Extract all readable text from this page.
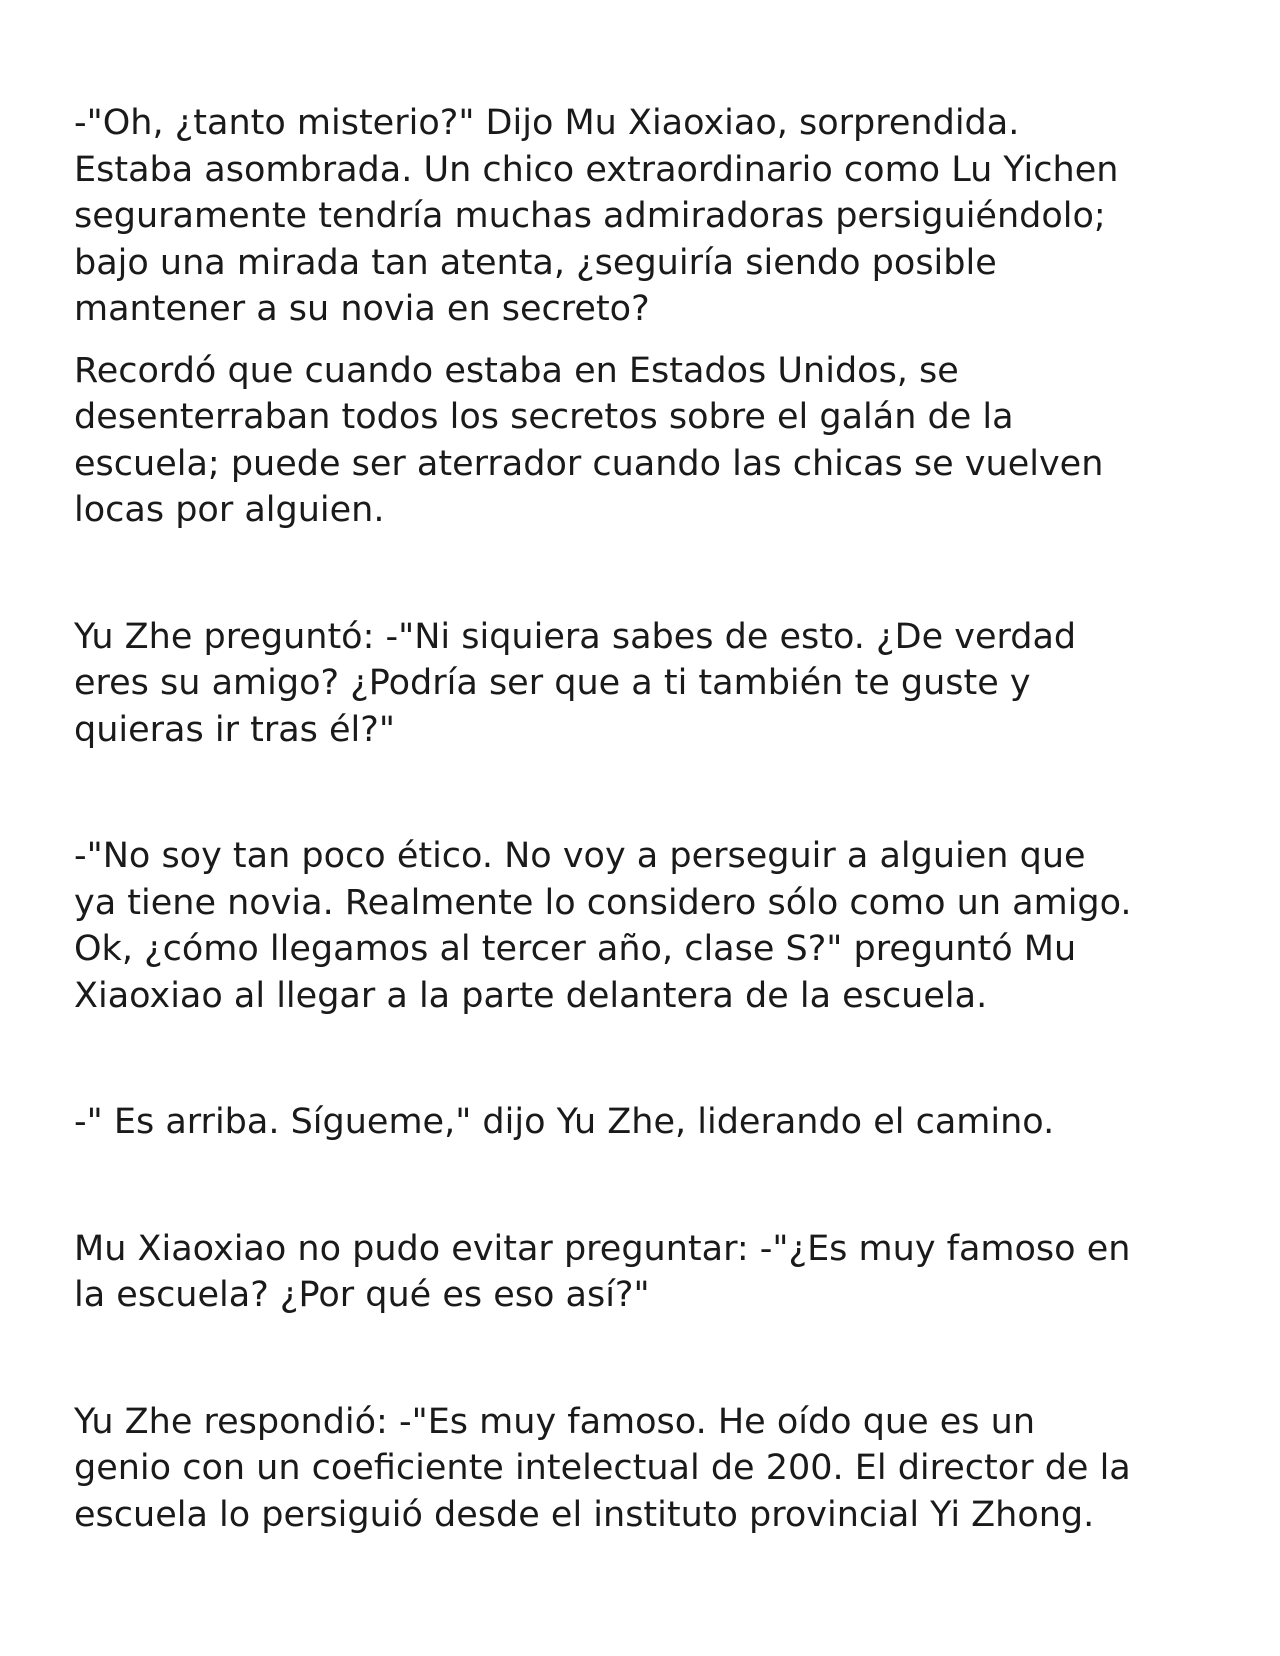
-"Oh, ¿tanto misterio?" Dijo Mu Xiaoxiao, sorprendida.
Estaba asombrada. Un chico extraordinario como Lu Yichen
seguramente tendría muchas admiradoras persiguiéndolo;
bajo una mirada tan atenta, ¿seguiría siendo posible
mantener a su novia en secreto?

Recordó que cuando estaba en Estados Unidos, se
desenterraban todos los secretos sobre el galán de la
escuela; puede ser aterrador cuando las chicas se vuelven
locas por alguien.

Yu Zhe preguntó: -"Ni siquiera sabes de esto. ¿De verdad
eres su amigo? ¿Podría ser que a ti también te guste y
quieras ir tras él?"

-"No soy tan poco ético. No voy a perseguir a alguien que
ya tiene novia. Realmente lo considero sólo como un amigo.
Ok, ¿cómo llegamos al tercer año, clase S?" preguntó Mu
Xiaoxiao al llegar a la parte delantera de la escuela.

-" Es arriba. Sígueme," dijo Yu Zhe, liderando el camino.

Mu Xiaoxiao no pudo evitar preguntar: -"¿Es muy famoso en
la escuela? ¿Por qué es eso así?"

Yu Zhe respondió: -"Es muy famoso. He oído que es un
genio con un coeficiente intelectual de 200. El director de la
escuela lo persiguió desde el instituto provincial Yi Zhong.
